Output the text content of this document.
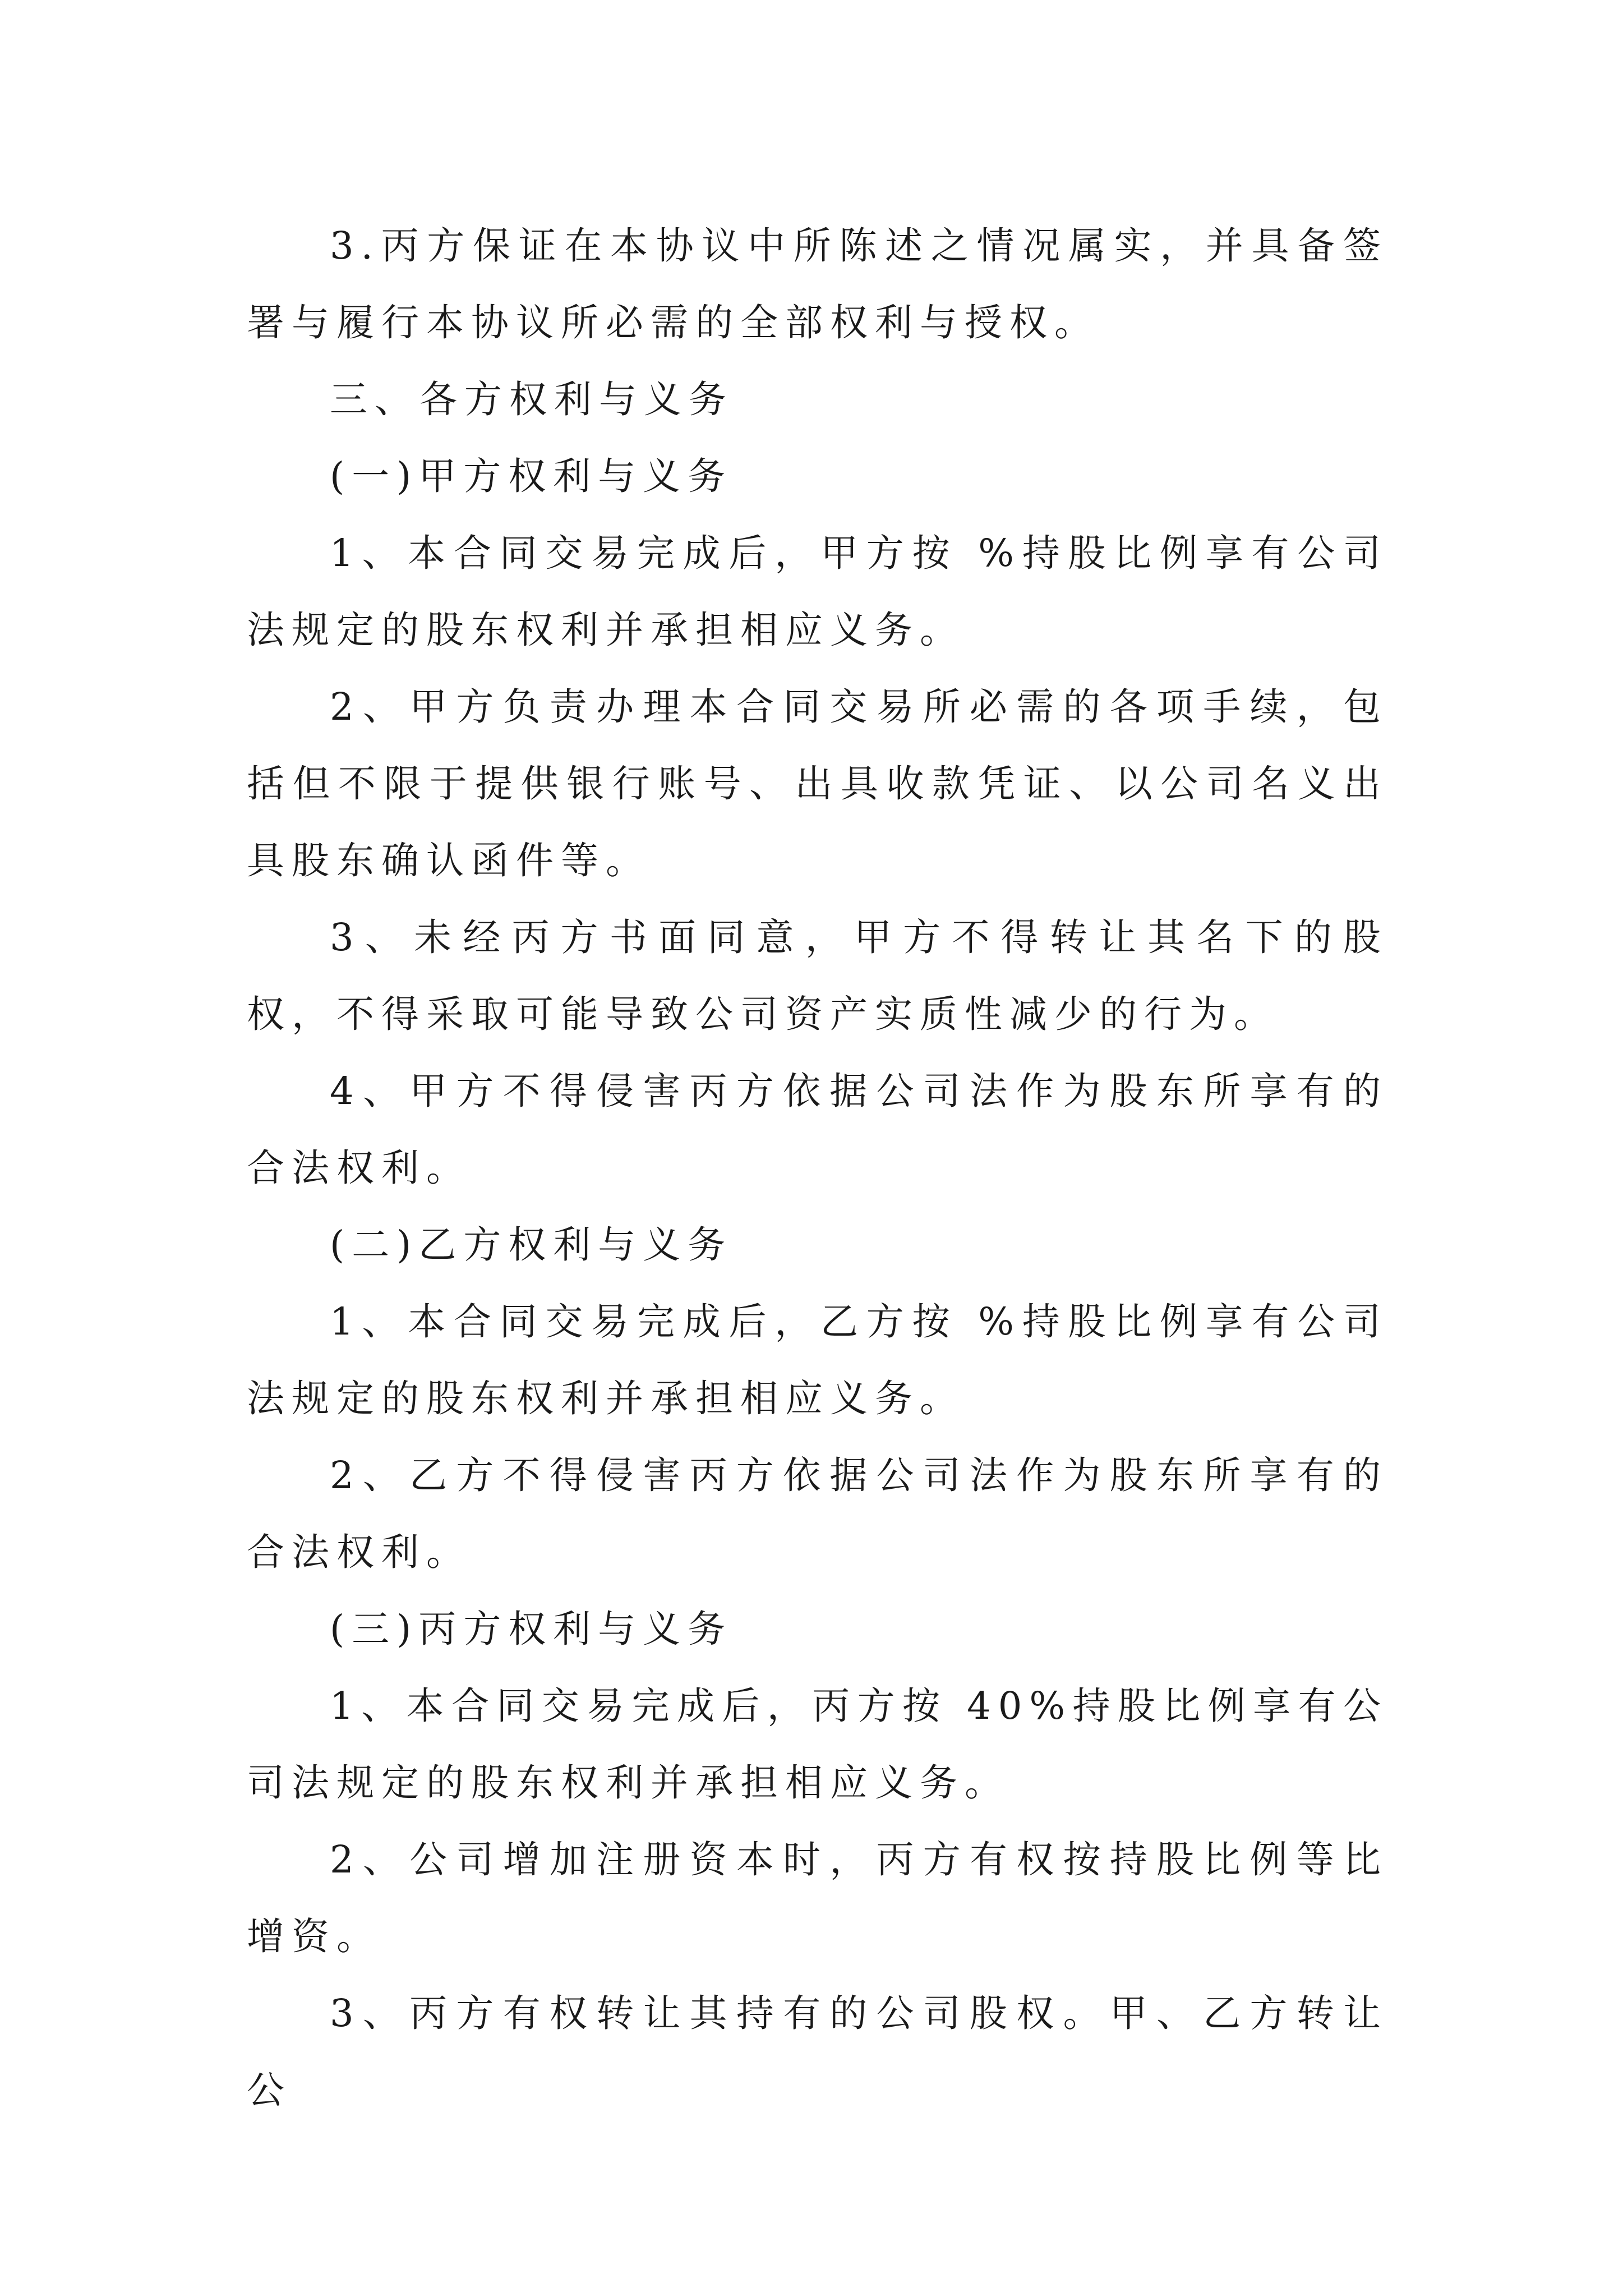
3.丙方保证在本协议中所陈述之情况属实，并具备签署与履行本协议所必需的全部权利与授权。

三、各方权利与义务

(一)甲方权利与义务

1、本合同交易完成后，甲方按 %持股比例享有公司法规定的股东权利并承担相应义务。

2、甲方负责办理本合同交易所必需的各项手续，包括但不限于提供银行账号、出具收款凭证、以公司名义出具股东确认函件等。

3、未经丙方书面同意，甲方不得转让其名下的股权，不得采取可能导致公司资产实质性减少的行为。

4、甲方不得侵害丙方依据公司法作为股东所享有的合法权利。

(二)乙方权利与义务

1、本合同交易完成后，乙方按 %持股比例享有公司法规定的股东权利并承担相应义务。

2、乙方不得侵害丙方依据公司法作为股东所享有的合法权利。

(三)丙方权利与义务

1、本合同交易完成后，丙方按 40%持股比例享有公司法规定的股东权利并承担相应义务。

2、公司增加注册资本时，丙方有权按持股比例等比增资。

3、丙方有权转让其持有的公司股权。甲、乙方转让公
